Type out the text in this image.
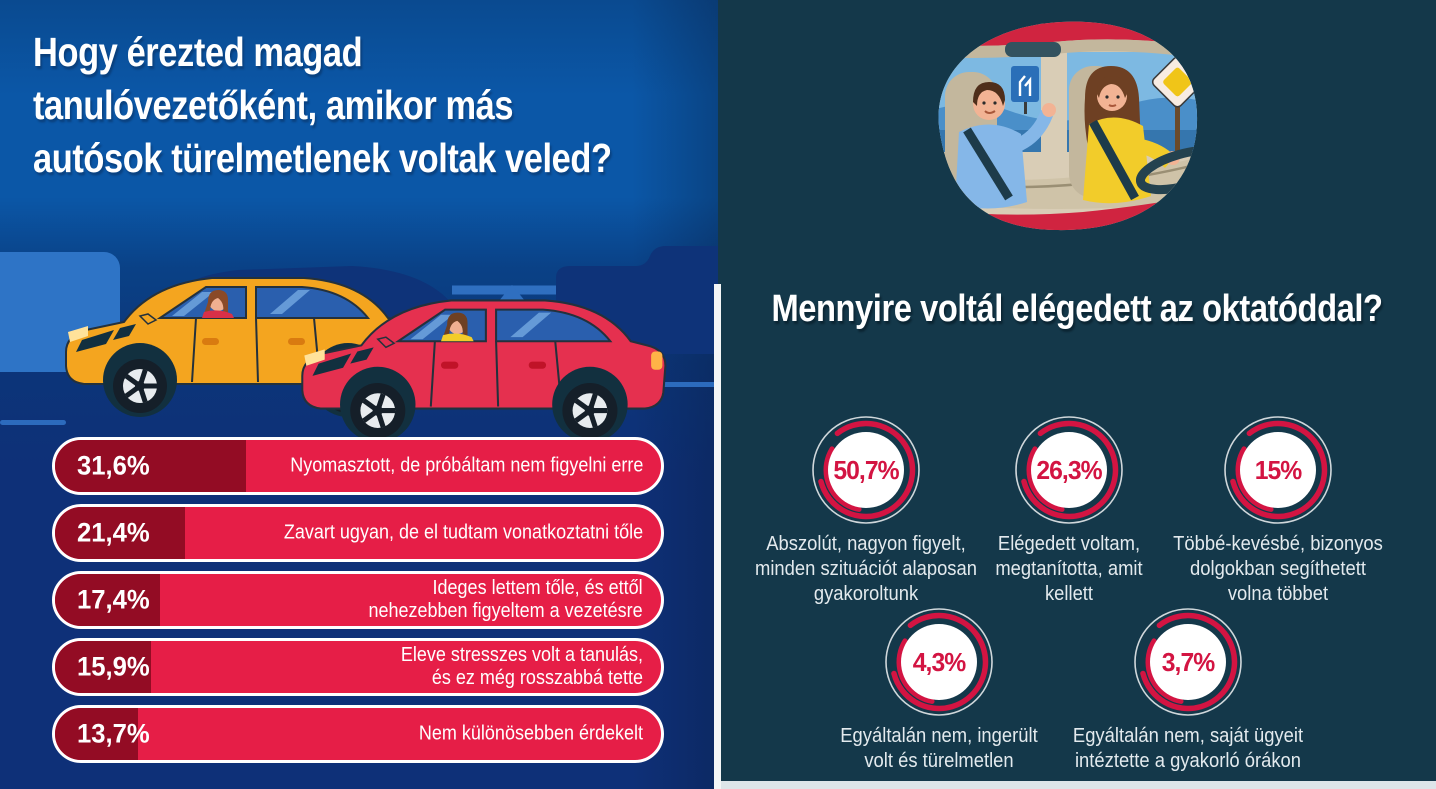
Hogy érezted magad
tanulóvezetőként, amikor más
autósok türelmetlenek voltak veled?
31,6%	Nyomasztott, de próbáltam nem figyelni erre
21,4%	Zavart ugyan, de el tudtam vonatkoztatni tőle
17,4%	Ideges lettem tőle, és ettől
nehezebben figyeltem a vezetésre
15,9%	Eleve stresszes volt a tanulás,
és ez még rosszabbá tette
13,7%	Nem különösebben érdekelt
Mennyire voltál elégedett az oktatóddal?
50,7%
Abszolút, nagyon figyelt,
minden szituációt alaposan
gyakoroltunk
26,3%
Elégedett voltam,
megtanította, amit
kellett
15%
Többé-kevésbé, bizonyos
dolgokban segíthetett
volna többet
4,3%
Egyáltalán nem, ingerült
volt és türelmetlen
3,7%
Egyáltalán nem, saját ügyeit
intéztette a gyakorló órákon
